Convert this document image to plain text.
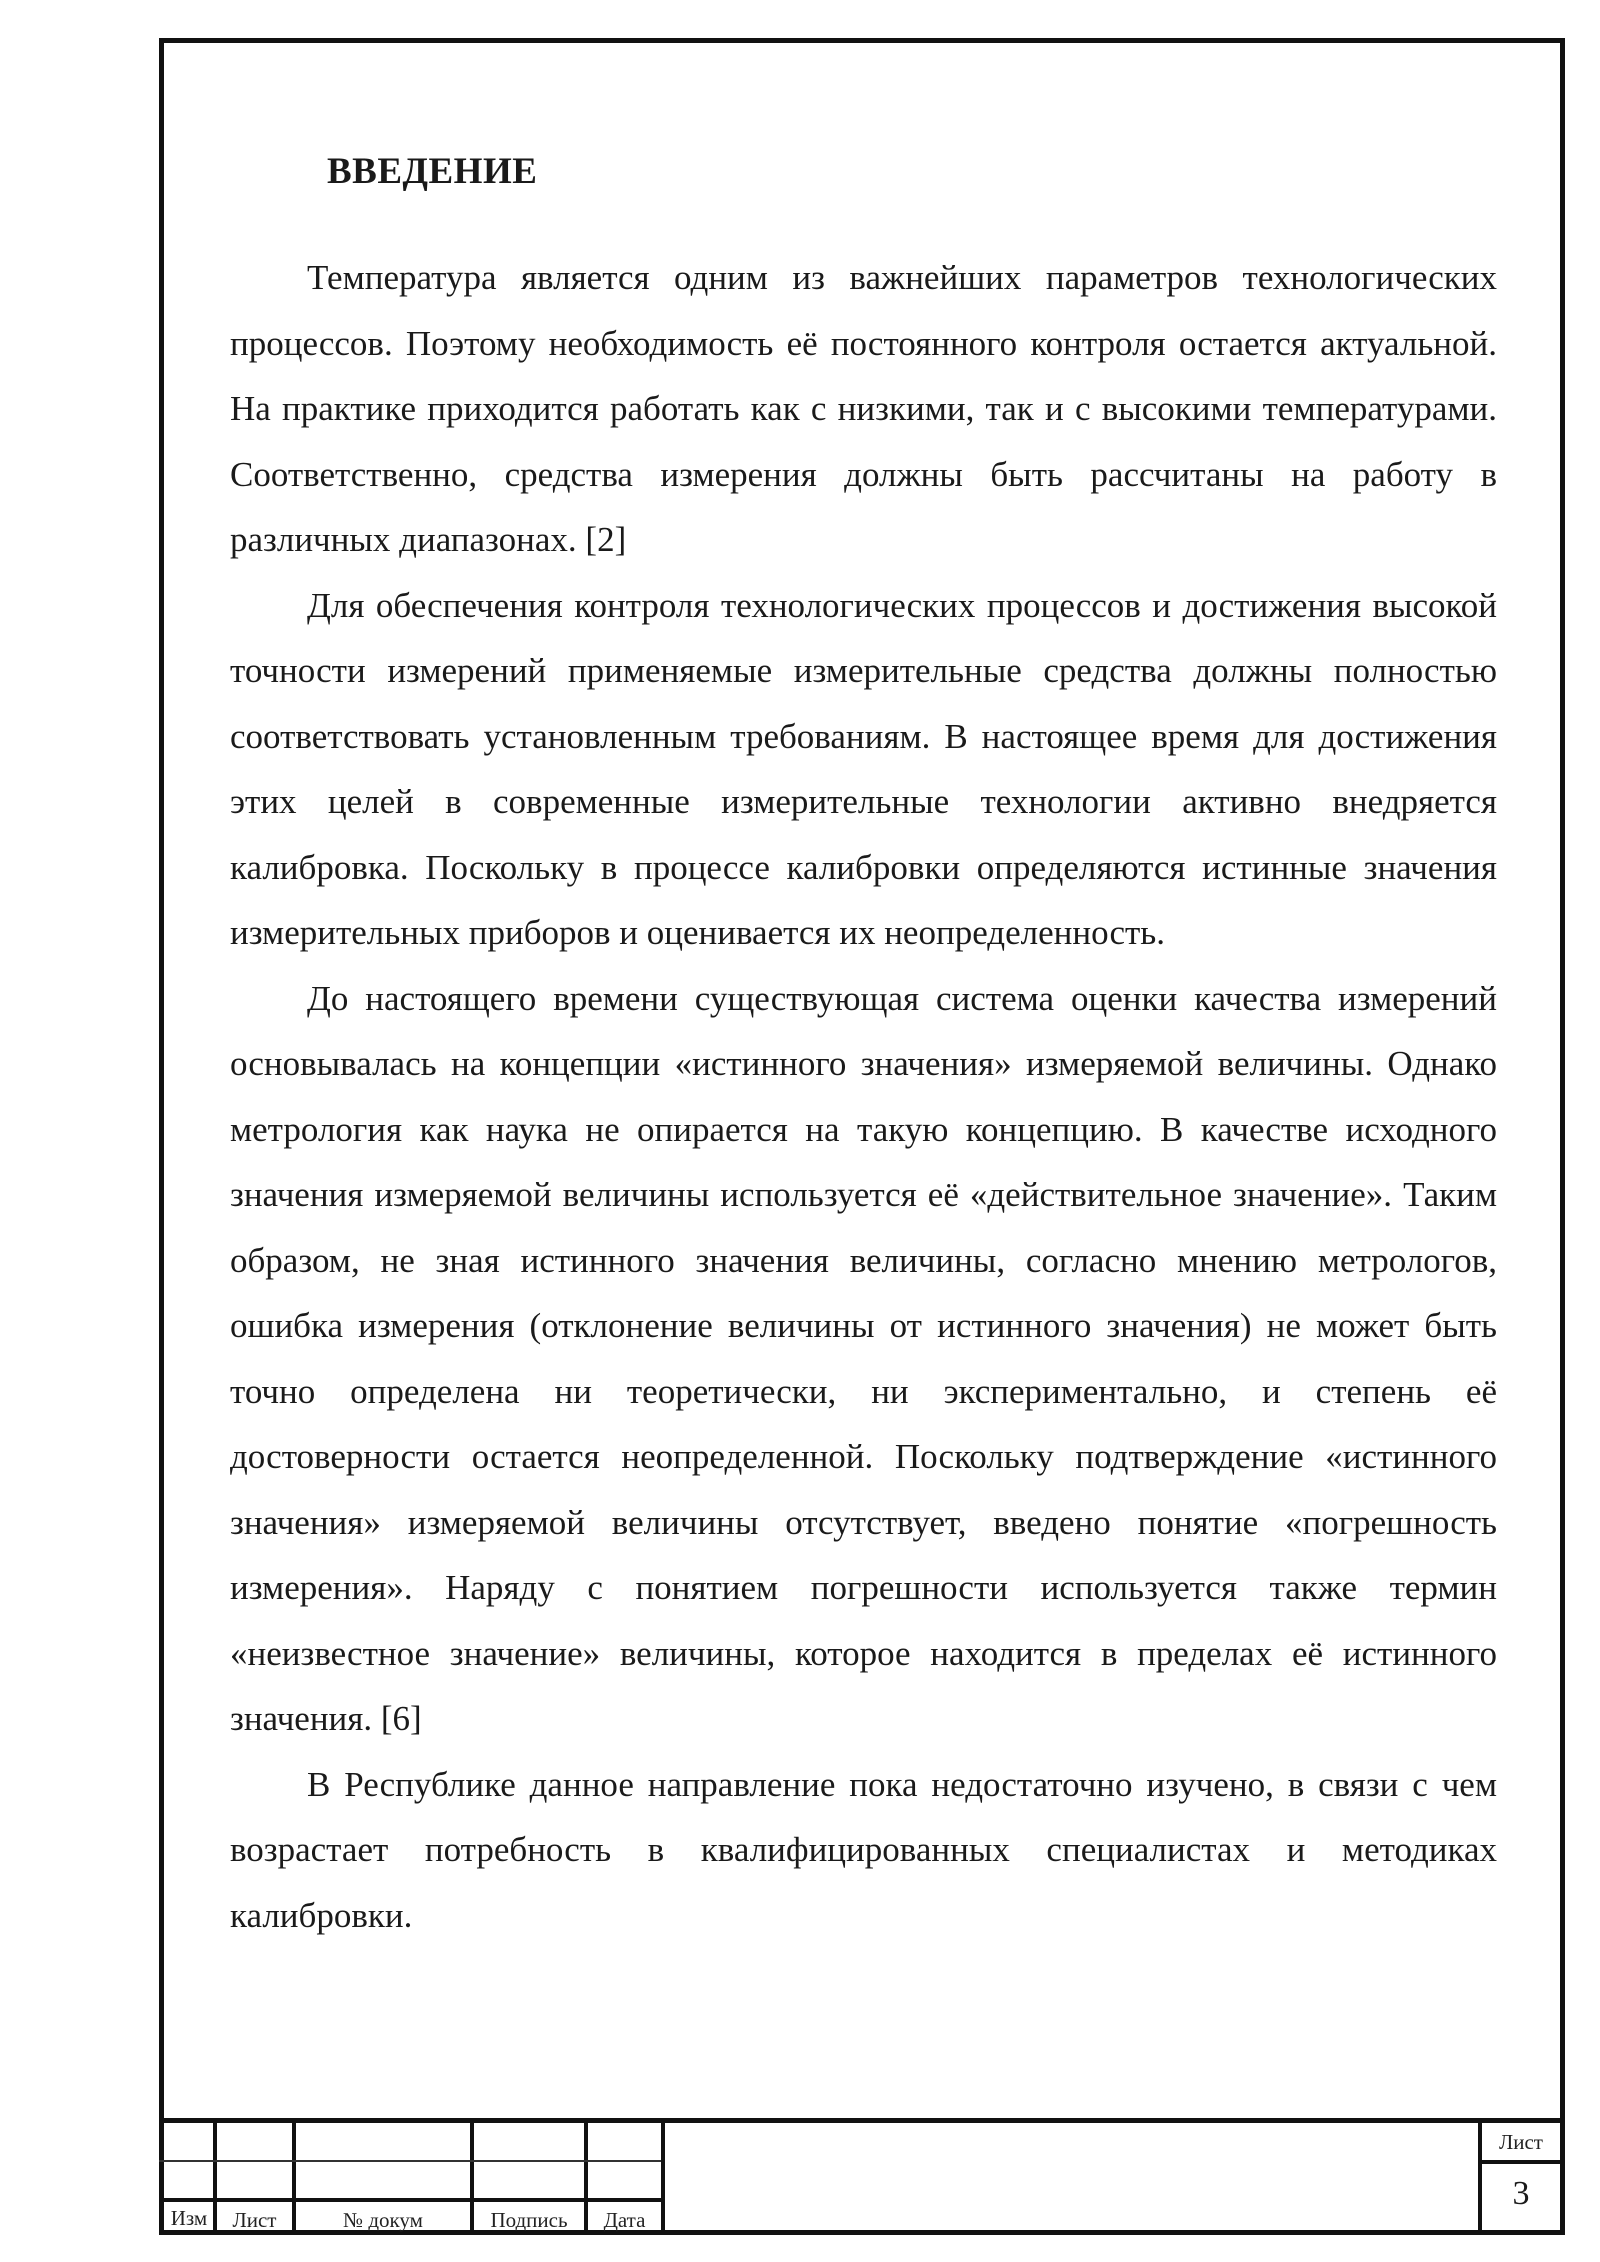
ВВЕДЕНИЕ

Температура является одним из важнейших параметров технологических процессов. Поэтому необходимость её постоянного контроля остается актуальной. На практике приходится работать как с низкими, так и с высокими температурами. Соответственно, средства измерения должны быть рассчитаны на работу в различных диапазонах. [2]

Для обеспечения контроля технологических процессов и достижения высокой точности измерений применяемые измерительные средства должны полностью соответствовать установленным требованиям. В настоящее время для достижения этих целей в современные измерительные технологии активно внедряется калибровка. Поскольку в процессе калибровки определяются истинные значения измерительных приборов и оценивается их неопределенность.

До настоящего времени существующая система оценки качества измерений основывалась на концепции «истинного значения» измеряемой величины. Однако метрология как наука не опирается на такую концепцию. В качестве исходного значения измеряемой величины используется её «действительное значение». Таким образом, не зная истинного значения величины, согласно мнению метрологов, ошибка измерения (отклонение величины от истинного значения) не может быть точно определена ни теоретически, ни экспериментально, и степень её достоверности остается неопределенной. Поскольку подтверждение «истинного значения» измеряемой величины отсутствует, введено понятие «погрешность измерения». Наряду с понятием погрешности используется также термин «неизвестное значение» величины, которое находится в пределах её истинного значения. [6]

В Республике данное направление пока недостаточно изучено, в связи с чем возрастает потребность в квалифицированных специалистах и методиках калибровки.

Изм	Лист	№ докум	Подпись	Дата
Лист
3
